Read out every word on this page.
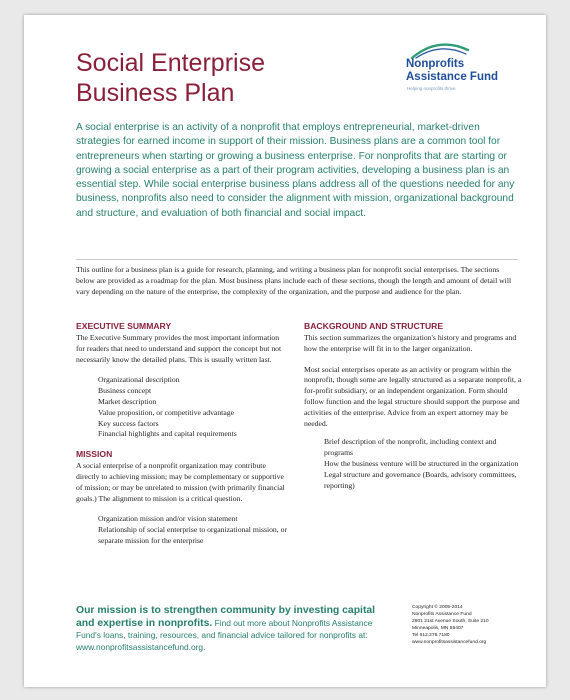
Social Enterprise
Business Plan
Nonprofits
Assistance Fund
Helping nonprofits thrive

A social enterprise is an activity of a nonprofit that employs entrepreneurial, market-driven strategies for earned income in support of their mission. Business plans are a common tool for entrepreneurs when starting or growing a business enterprise. For nonprofits that are starting or growing a social enterprise as a part of their program activities, developing a business plan is an essential step. While social enterprise business plans address all of the questions needed for any business, nonprofits also need to consider the alignment with mission, organizational background and structure, and evaluation of both financial and social impact.

This outline for a business plan is a guide for research, planning, and writing a business plan for nonprofit social enterprises. The sections below are provided as a roadmap for the plan. Most business plans include each of these sections, though the length and amount of detail will vary depending on the nature of the enterprise, the complexity of the organization, and the purpose and audience for the plan.

EXECUTIVE SUMMARY

The Executive Summary provides the most important information for readers that need to understand and support the concept but not necessarily know the detailed plans. This is usually written last.

Organizational description
Business concept
Market description
Value proposition, or competitive advantage
Key success factors
Financial highlights and capital requirements
MISSION

A social enterprise of a nonprofit organization may contribute directly to achieving mission; may be complementary or supportive of mission; or may be unrelated to mission (with primarily financial goals.) The alignment to mission is a critical question.

Organization mission and/or vision statement
Relationship of social enterprise to organizational mission, or separate mission for the enterprise
BACKGROUND AND STRUCTURE

This section summarizes the organization's history and programs and how the enterprise will fit in to the larger organization.

Most social enterprises operate as an activity or program within the nonprofit, though some are legally structured as a separate nonprofit, a for-profit subsidiary, or an independent organization. Form should follow function and the legal structure should support the purpose and activities of the enterprise. Advice from an expert attorney may be needed.

Brief description of the nonprofit, including context and programs
How the business venture will be structured in the organization
Legal structure and governance (Boards, advisory committees, reporting)

Our mission is to strengthen community by investing capital and expertise in nonprofits. Find out more about Nonprofits Assistance Fund's loans, training, resources, and financial advice tailored for nonprofits at: www.nonprofitsassistancefund.org.

Copyright © 2005-2014
Nonprofits Assistance Fund
2801 21st Avenue South, Suite 210
Minneapolis, MN 55407
Tel 612.278.7180
www.nonprofitsassistancefund.org
